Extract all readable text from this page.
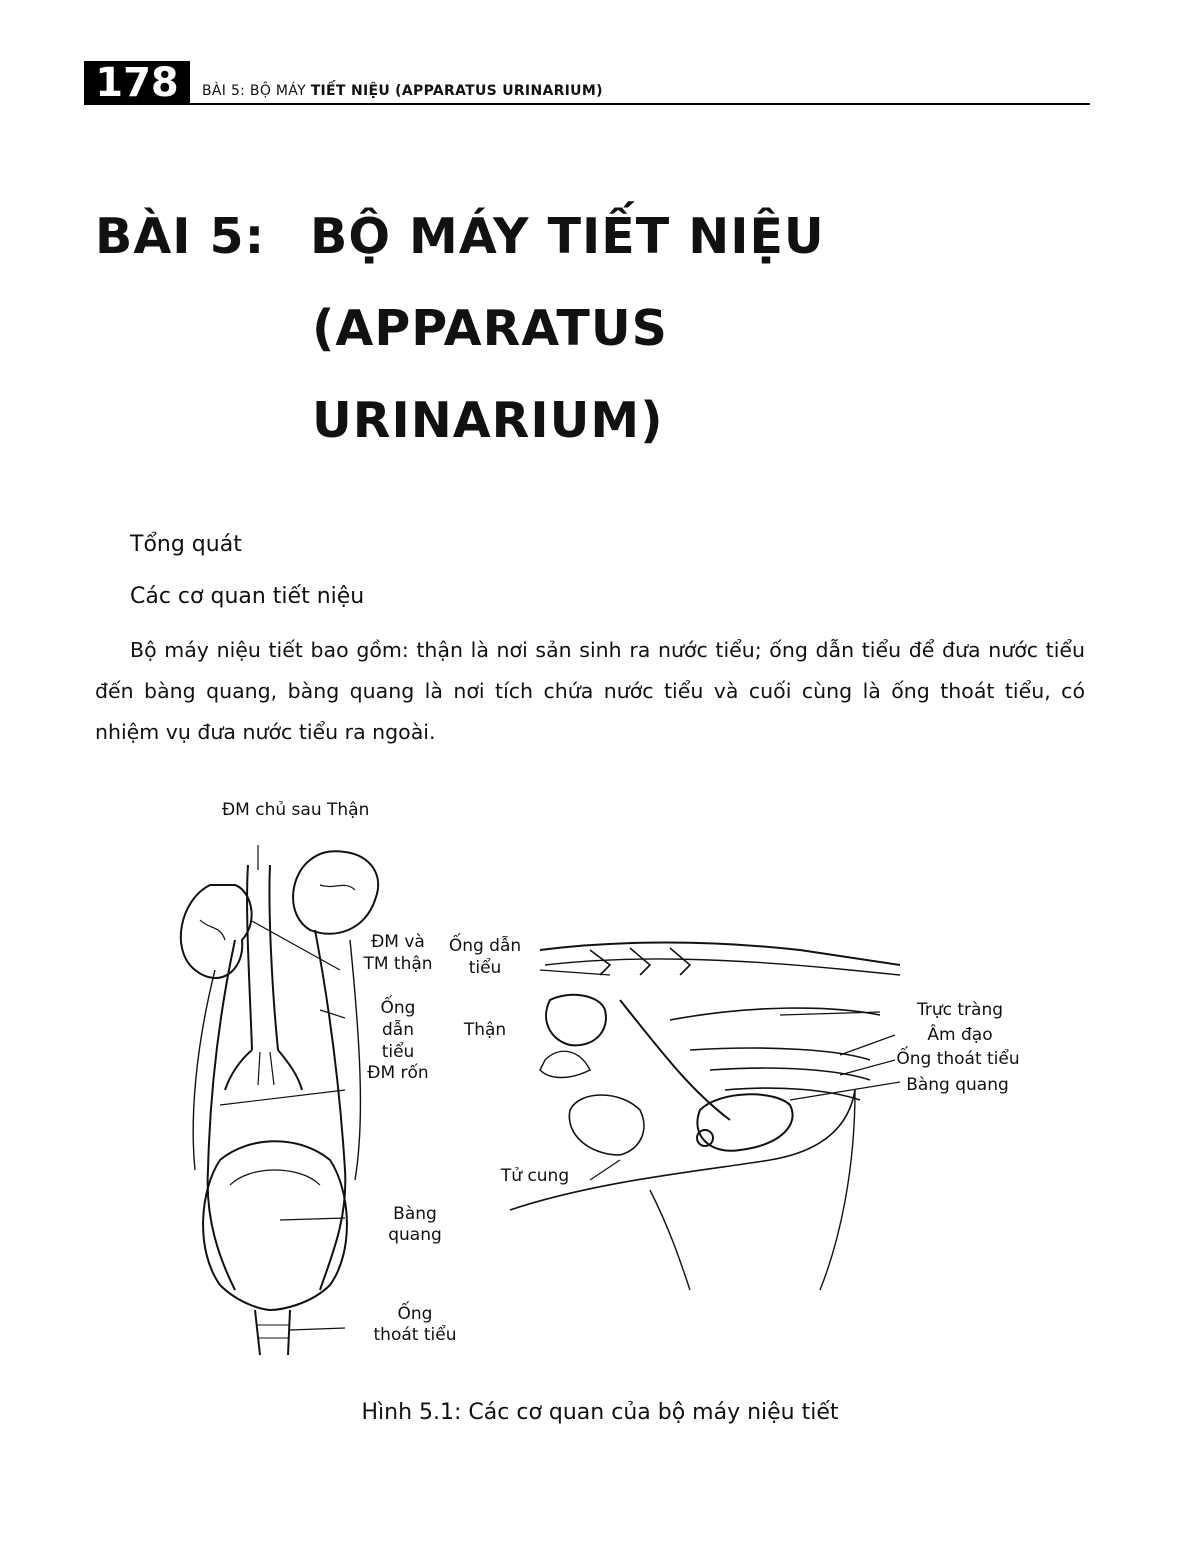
178	BÀI 5: BỘ MÁY TIẾT NIỆU (APPARATUS URINARIUM)
BÀI 5: BỘ MÁY TIẾT NIỆU
(APPARATUS
URINARIUM)
Tổng quát
Các cơ quan tiết niệu
Bộ máy niệu tiết bao gồm: thận là nơi sản sinh ra nước tiểu; ống dẫn tiểu để đưa nước tiểu đến bàng quang, bàng quang là nơi tích chứa nước tiểu và cuối cùng là ống thoát tiểu, có nhiệm vụ đưa nước tiểu ra ngoài.
ĐM chủ sau Thận
ĐM và
TM thận
Ống
dẫn
tiểu
ĐM rốn
Bàng
quang
Ống
thoát tiểu
Ống dẫn
tiểu
Thận
Tử cung
Trực tràng
Âm đạo
Ống thoát tiểu
Bàng quang
Hình 5.1: Các cơ quan của bộ máy niệu tiết
